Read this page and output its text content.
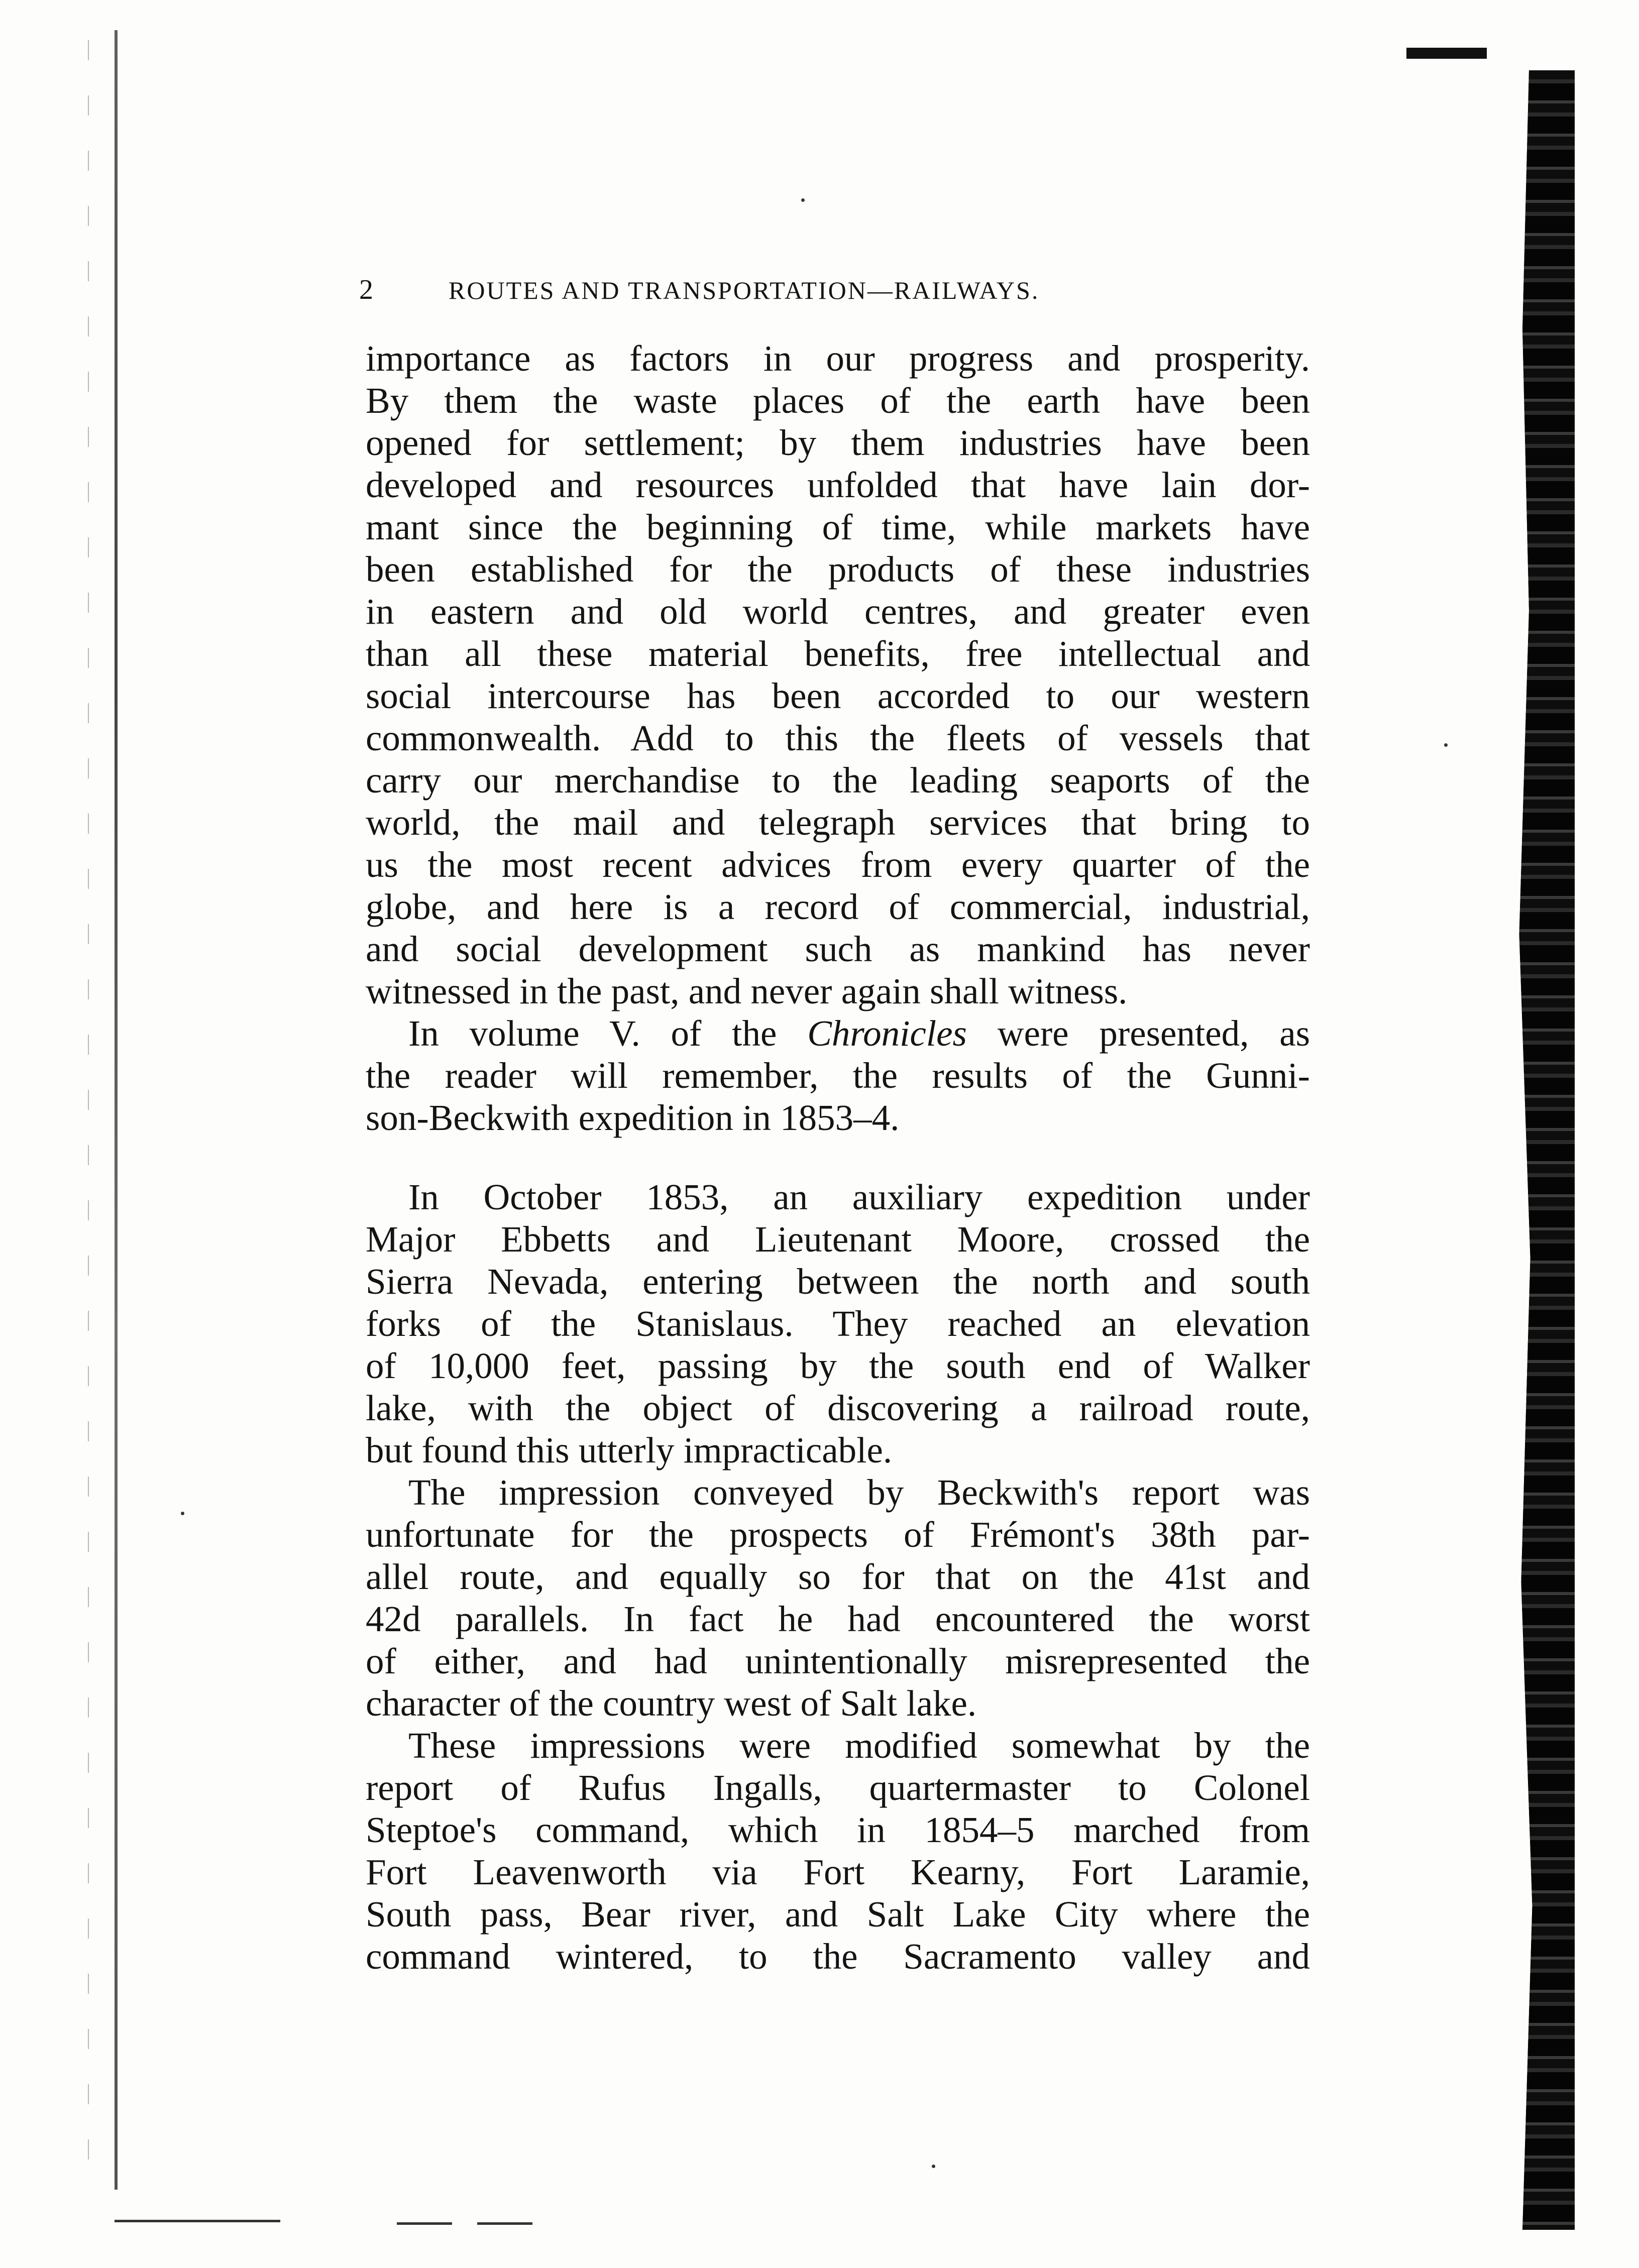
2	ROUTES AND TRANSPORTATION—RAILWAYS.
importance as factors in our progress and prosperity.
By them the waste places of the earth have been
opened for settlement; by them industries have been
developed and resources unfolded that have lain dor-
mant since the beginning of time, while markets have
been established for the products of these industries
in eastern and old world centres, and greater even
than all these material benefits, free intellectual and
social intercourse has been accorded to our western
commonwealth. Add to this the fleets of vessels that
carry our merchandise to the leading seaports of the
world, the mail and telegraph services that bring to
us the most recent advices from every quarter of the
globe, and here is a record of commercial, industrial,
and social development such as mankind has never
witnessed in the past, and never again shall witness.
In volume V. of the Chronicles were presented, as
the reader will remember, the results of the Gunni-
son-Beckwith expedition in 1853–4.
In October 1853, an auxiliary expedition under
Major Ebbetts and Lieutenant Moore, crossed the
Sierra Nevada, entering between the north and south
forks of the Stanislaus. They reached an elevation
of 10,000 feet, passing by the south end of Walker
lake, with the object of discovering a railroad route,
but found this utterly impracticable.
The impression conveyed by Beckwith's report was
unfortunate for the prospects of Frémont's 38th par-
allel route, and equally so for that on the 41st and
42d parallels. In fact he had encountered the worst
of either, and had unintentionally misrepresented the
character of the country west of Salt lake.
These impressions were modified somewhat by the
report of Rufus Ingalls, quartermaster to Colonel
Steptoe's command, which in 1854–5 marched from
Fort Leavenworth via Fort Kearny, Fort Laramie,
South pass, Bear river, and Salt Lake City where the
command wintered, to the Sacramento valley and
